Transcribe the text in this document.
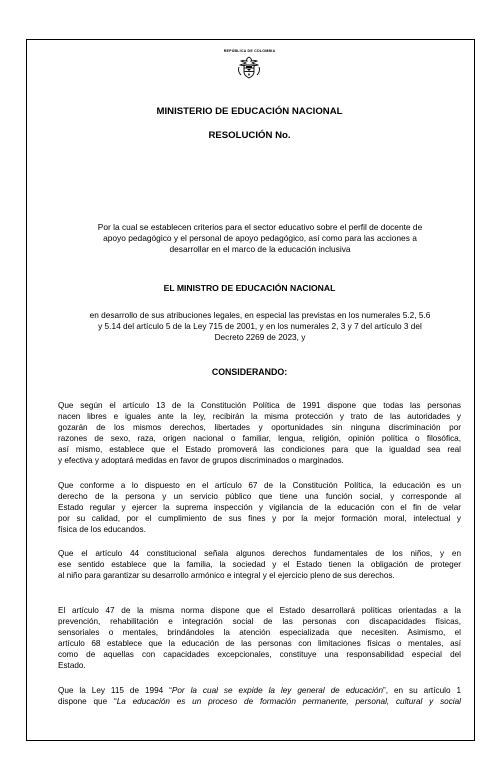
REPÚBLICA DE COLOMBIA
MINISTERIO DE EDUCACIÓN NACIONAL
RESOLUCIÓN No.
Por la cual se establecen criterios para el sector educativo sobre el perfil de docente de
apoyo pedagógico y el personal de apoyo pedagógico, así como para las acciones a
desarrollar en el marco de la educación inclusiva
EL MINISTRO DE EDUCACIÓN NACIONAL
en desarrollo de sus atribuciones legales, en especial las previstas en los numerales 5.2, 5.6
y 5.14 del artículo 5 de la Ley 715 de 2001, y en los numerales 2, 3 y 7 del artículo 3 del
Decreto 2269 de 2023, y
CONSIDERANDO:
Que según el artículo 13 de la Constitución Política de 1991 dispone que todas las personas
nacen libres e iguales ante la ley, recibirán la misma protección y trato de las autoridades y
gozarán de los mismos derechos, libertades y oportunidades sin ninguna discriminación por
razones de sexo, raza, origen nacional o familiar, lengua, religión, opinión política o filosófica,
así mismo, establece que el Estado promoverá las condiciones para que la igualdad sea real
y efectiva y adoptará medidas en favor de grupos discriminados o marginados.
Que conforme a lo dispuesto en el artículo 67 de la Constitución Política, la educación es un
derecho de la persona y un servicio público que tiene una función social, y corresponde al
Estado regular y ejercer la suprema inspección y vigilancia de la educación con el fin de velar
por su calidad, por el cumplimiento de sus fines y por la mejor formación moral, intelectual y
física de los educandos.
Que el artículo 44 constitucional señala algunos derechos fundamentales de los niños, y en
ese sentido establece que la familia, la sociedad y el Estado tienen la obligación de proteger
al niño para garantizar su desarrollo armónico e integral y el ejercicio pleno de sus derechos.
El artículo 47 de la misma norma dispone que el Estado desarrollará políticas orientadas a la
prevención, rehabilitación e integración social de las personas con discapacidades físicas,
sensoriales o mentales, brindándoles la atención especializada que necesiten. Asimismo, el
artículo 68 establece que la educación de las personas con limitaciones físicas o mentales, así
como de aquellas con capacidades excepcionales, constituye una responsabilidad especial del
Estado.
Que la Ley 115 de 1994 “Por la cual se expide la ley general de educación”, en su artículo 1
dispone que “La educación es un proceso de formación permanente, personal, cultural y social
